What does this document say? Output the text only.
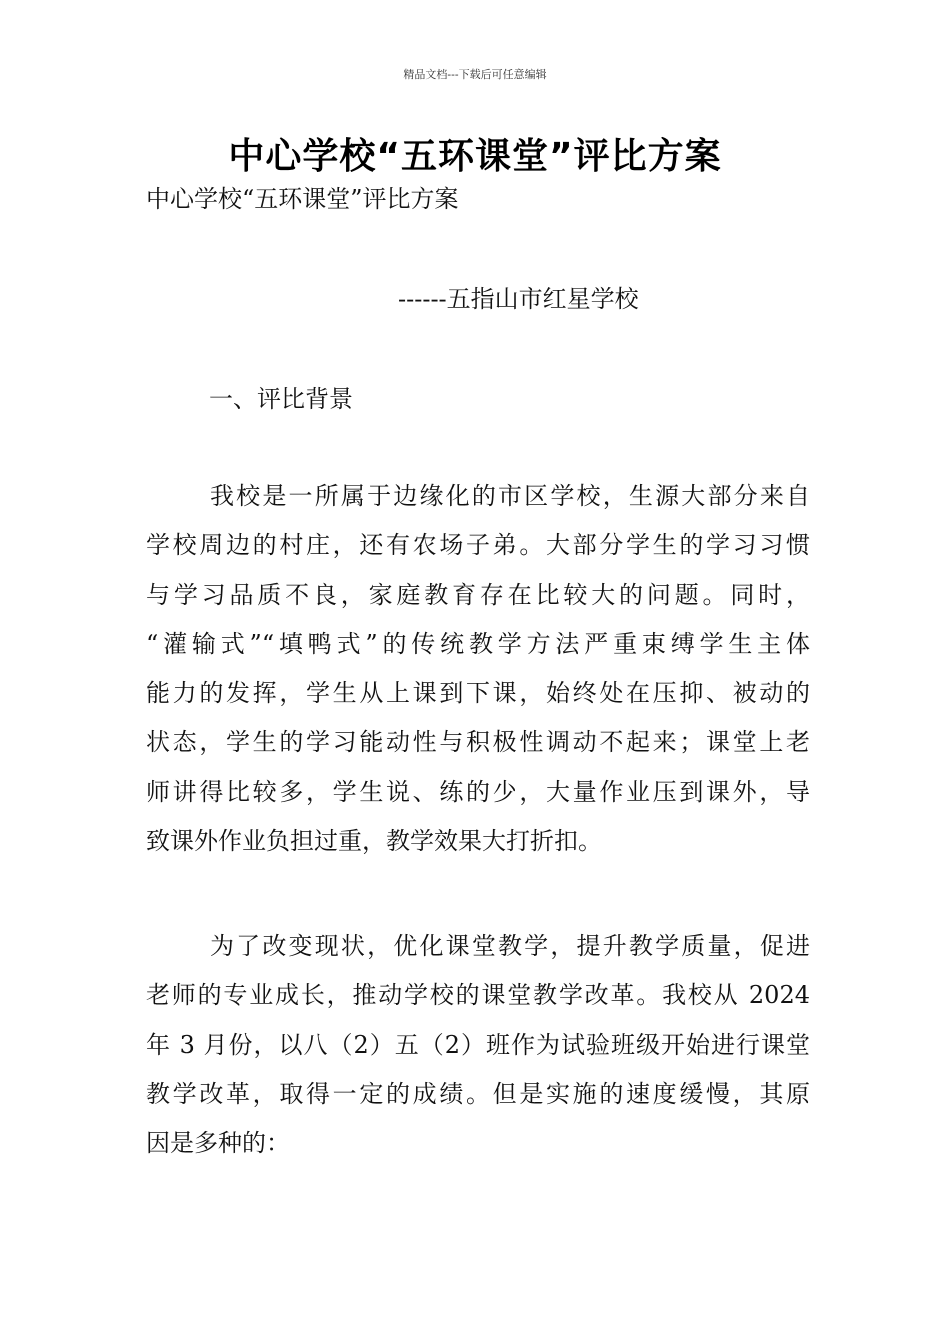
精品文档---下载后可任意编辑
中心学校“五环课堂”评比方案
中心学校“五环课堂”评比方案
------五指山市红星学校
一、评比背景
我校是一所属于边缘化的市区学校，生源大部分来自
学校周边的村庄，还有农场子弟。大部分学生的学习习惯
与学习品质不良，家庭教育存在比较大的问题。同时，
“灌输式”“填鸭式”的传统教学方法严重束缚学生主体
能力的发挥，学生从上课到下课，始终处在压抑、被动的
状态，学生的学习能动性与积极性调动不起来；课堂上老
师讲得比较多，学生说、练的少，大量作业压到课外，导
致课外作业负担过重，教学效果大打折扣。
为了改变现状，优化课堂教学，提升教学质量，促进
老师的专业成长，推动学校的课堂教学改革。我校从 2024
年 3 月份，以八（2）五（2）班作为试验班级开始进行课堂
教学改革，取得一定的成绩。但是实施的速度缓慢，其原
因是多种的：
